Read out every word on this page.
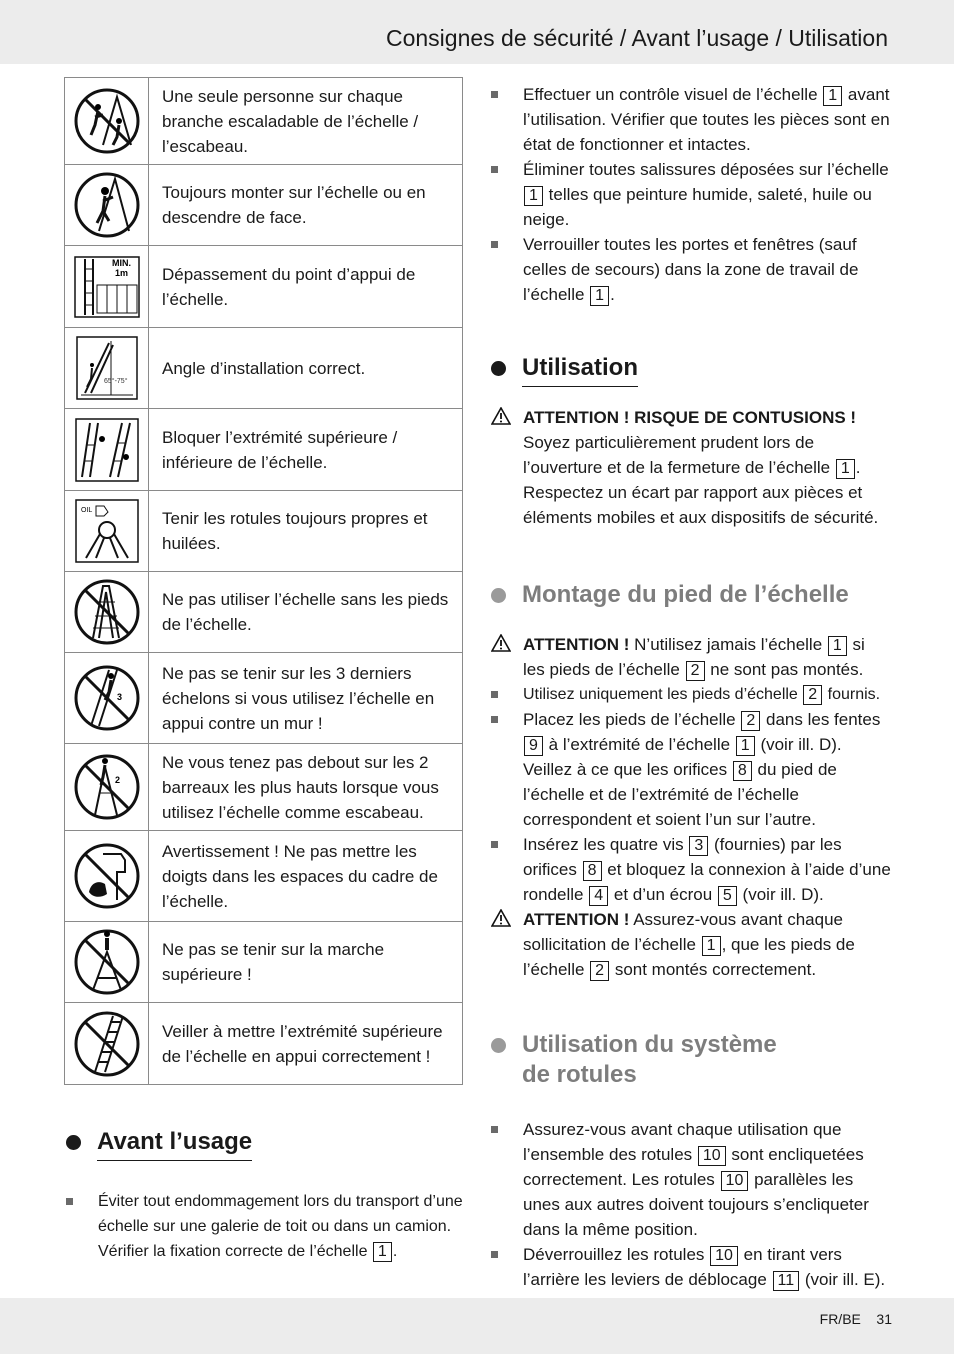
Consignes de sécurité / Avant l’usage / Utilisation
	Une seule personne sur chaque branche escaladable de l’échelle / l’escabeau.

	Toujours monter sur l’échelle ou en descendre de face.

MIN.
1m	Dépassement du point d’appui de l’échelle.

65°-75°	Angle d’installation correct.

	Bloquer l’extrémité supérieure / inférieure de l’échelle.

OIL	Tenir les rotules toujours propres et huilées.

	Ne pas utiliser l’échelle sans les pieds de l’échelle.

3	Ne pas se tenir sur les 3 derniers échelons si vous utilisez l’échelle en appui contre un mur !

2	Ne vous tenez pas debout sur les 2 barreaux les plus hauts lorsque vous utilisez l’échelle comme escabeau.

	Avertissement ! Ne pas mettre les doigts dans les espaces du cadre de l’échelle.

	Ne pas se tenir sur la marche supérieure !

	Veiller à mettre l’extrémité supérieure de l’échelle en appui correctement !
Avant l’usage
Éviter tout endommagement lors du transport d’une échelle sur une galerie de toit ou dans un camion. Vérifier la fixation correcte de l’échelle 1 .
Effectuer un contrôle visuel de l’échelle 1 avant l’utilisation. Vérifier que toutes les pièces sont en état de fonctionner et intactes.
Éliminer toutes salissures déposées sur l’échelle 1 telles que peinture humide, saleté, huile ou neige.
Verrouiller toutes les portes et fenêtres (sauf celles de secours) dans la zone de travail de l’échelle 1 .
Utilisation
ATTENTION ! RISQUE DE CONTUSIONS ! Soyez particulièrement prudent lors de l’ouverture et de la fermeture de l’échelle 1 . Respectez un écart par rapport aux pièces et éléments mobiles et aux dispositifs de sécurité.
Montage du pied de l’échelle
ATTENTION ! N’utilisez jamais l’échelle 1 si les pieds de l’échelle 2 ne sont pas montés.
Utilisez uniquement les pieds d’échelle 2 fournis.
Placez les pieds de l’échelle 2 dans les fentes 9 à l’extrémité de l’échelle 1 (voir ill. D). Veillez à ce que les orifices 8 du pied de l’échelle et de l’extrémité de l’échelle correspondent et soient l’un sur l’autre.
Insérez les quatre vis 3 (fournies) par les orifices 8 et bloquez la connexion à l’aide d’une rondelle 4 et d’un écrou 5 (voir ill. D).
ATTENTION ! Assurez-vous avant chaque sollicitation de l’échelle 1 , que les pieds de l’échelle 2 sont montés correctement.
Utilisation du système
de rotules
Assurez-vous avant chaque utilisation que l’ensemble des rotules 10 sont encliquetées correctement. Les rotules 10 parallèles les unes aux autres doivent toujours s’encliqueter dans la même position.
Déverrouillez les rotules 10 en tirant vers l’arrière les leviers de déblocage 11 (voir ill. E).
FR/BE    31
